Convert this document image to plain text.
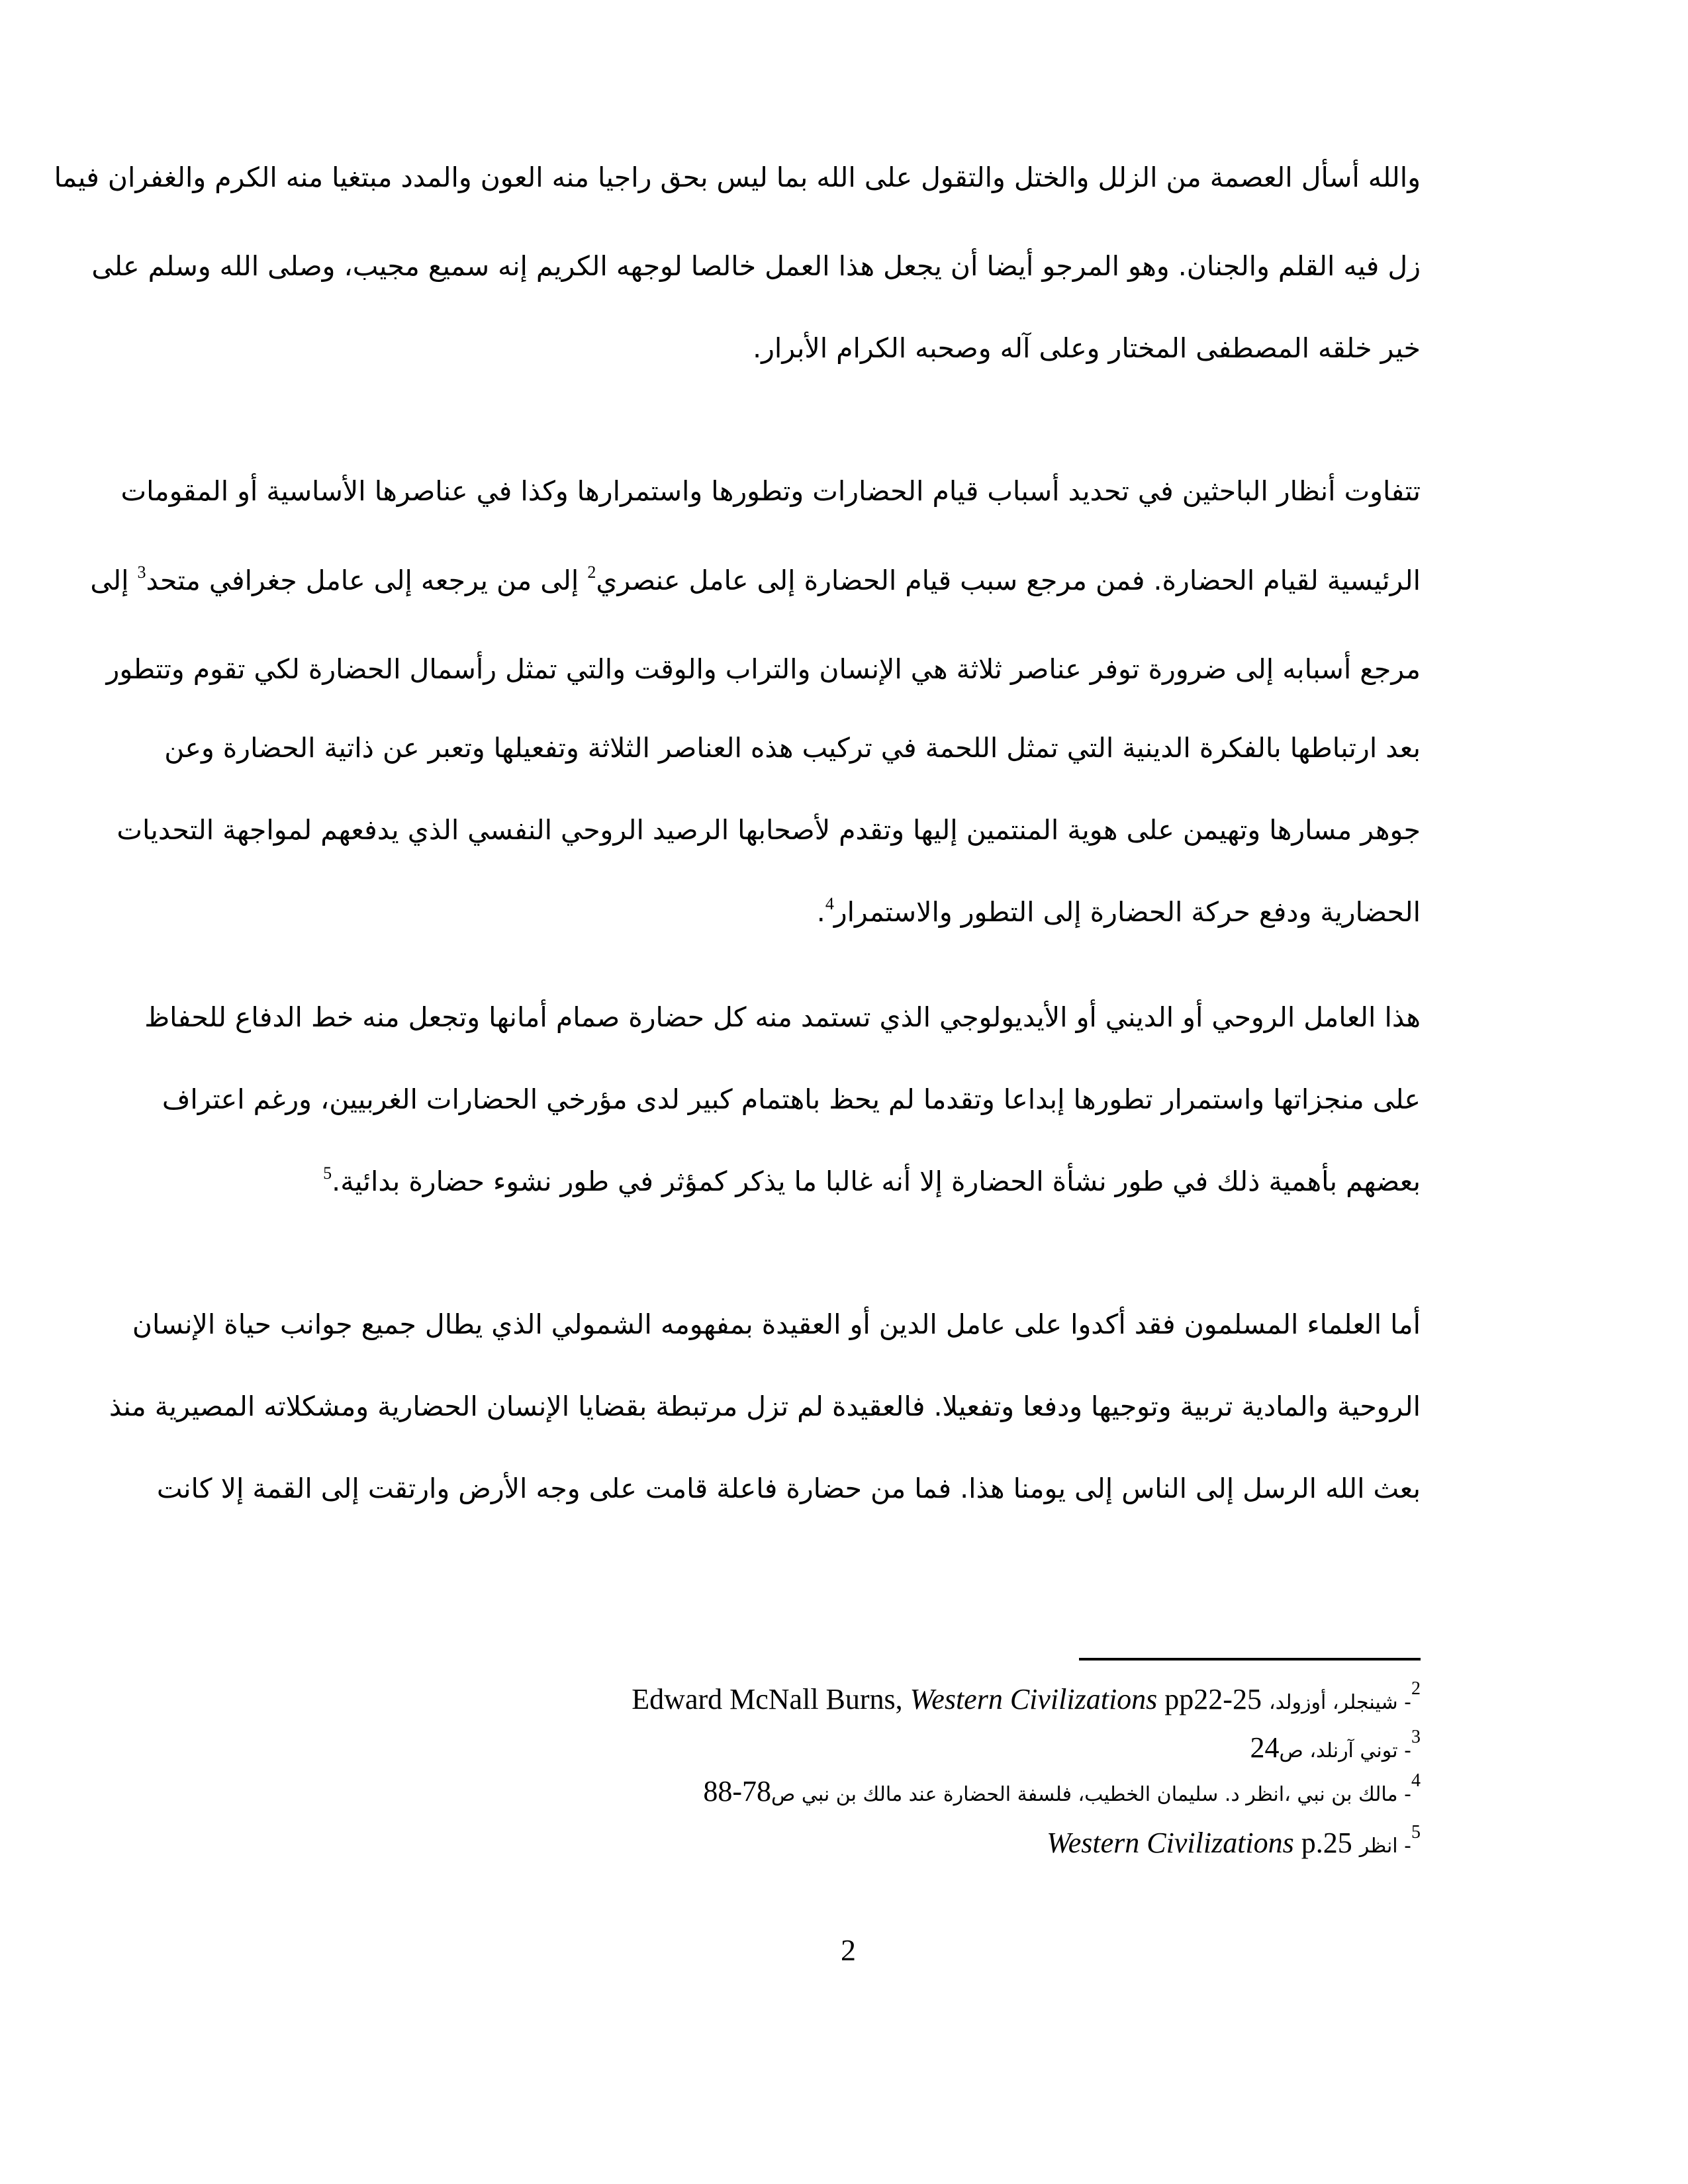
والله أسأل العصمة من الزلل والختل والتقول على الله بما ليس بحق راجيا منه العون والمدد مبتغيا منه الكرم والغفران فيما
زل فيه القلم والجنان. وهو المرجو أيضا أن يجعل هذا العمل خالصا لوجهه الكريم إنه سميع مجيب، وصلى الله وسلم على
خير خلقه المصطفى المختار وعلى آله وصحبه الكرام الأبرار.
تتفاوت أنظار الباحثين في تحديد أسباب قيام الحضارات وتطورها واستمرارها وكذا في عناصرها الأساسية أو المقومات
الرئيسية لقيام الحضارة. فمن مرجع سبب قيام الحضارة إلى عامل عنصري$^2$ إلى من يرجعه إلى عامل جغرافي متحد$^3$ إلى
مرجع أسبابه إلى ضرورة توفر عناصر ثلاثة هي الإنسان والتراب والوقت والتي تمثل رأسمال الحضارة لكي تقوم وتتطور
بعد ارتباطها بالفكرة الدينية التي تمثل اللحمة في تركيب هذه العناصر الثلاثة وتفعيلها وتعبر عن ذاتية الحضارة وعن
جوهر مسارها وتهيمن على هوية المنتمين إليها وتقدم لأصحابها الرصيد الروحي النفسي الذي يدفعهم لمواجهة التحديات
الحضارية ودفع حركة الحضارة إلى التطور والاستمرار$^4$.
هذا العامل الروحي أو الديني أو الأيديولوجي الذي تستمد منه كل حضارة صمام أمانها وتجعل منه خط الدفاع للحفاظ
على منجزاتها واستمرار تطورها إبداعا وتقدما لم يحظ باهتمام كبير لدى مؤرخي الحضارات الغربيين، ورغم اعتراف
بعضهم بأهمية ذلك في طور نشأة الحضارة إلا أنه غالبا ما يذكر كمؤثر في طور نشوء حضارة بدائية.$^5$
أما العلماء المسلمون فقد أكدوا على عامل الدين أو العقيدة بمفهومه الشمولي الذي يطال جميع جوانب حياة الإنسان
الروحية والمادية تربية وتوجيها ودفعا وتفعيلا. فالعقيدة لم تزل مرتبطة بقضايا الإنسان الحضارية ومشكلاته المصيرية منذ
بعث الله الرسل إلى الناس إلى يومنا هذا. فما من حضارة فاعلة قامت على وجه الأرض وارتقت إلى القمة إلا كانت
$^2$- شينجلر، أوزولد، Edward McNall Burns, Western Civilizations pp22-25
$^3$- توني آرنلد، ص 24
$^4$- مالك بن نبي ،انظر د. سليمان الخطيب، فلسفة الحضارة عند مالك بن نبي ص 88-78
$^5$- انظر Western Civilizations p.25
2
